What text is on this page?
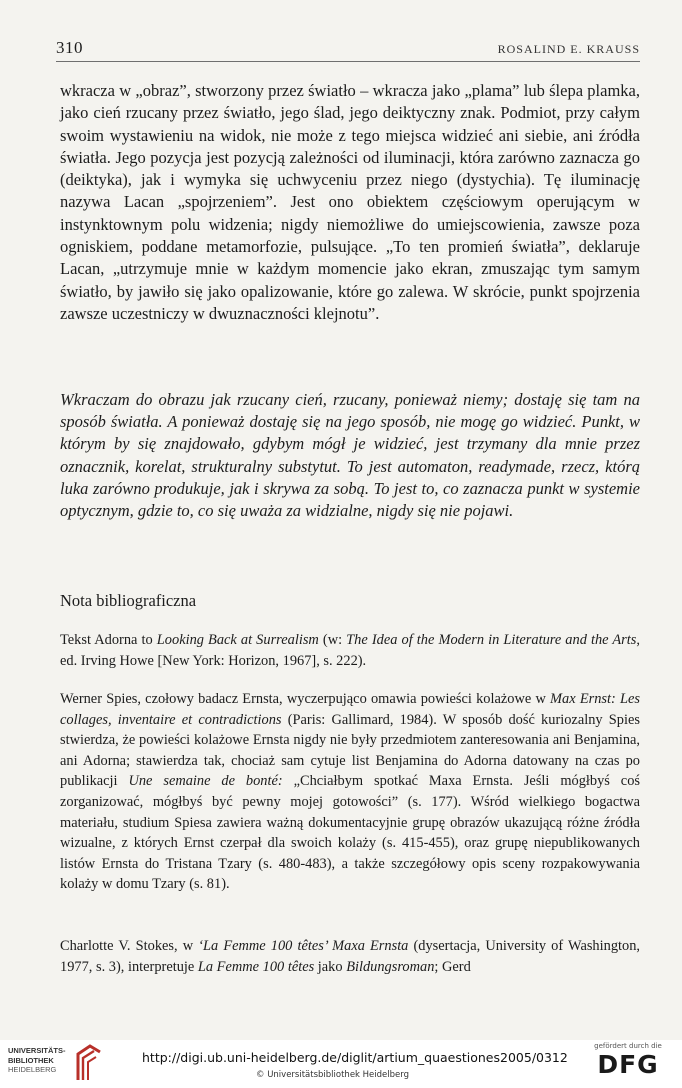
310	ROSALIND E. KRAUSS

wkracza w „obraz”, stworzony przez światło – wkracza jako „plama” lub ślepa plamka, jako cień rzucany przez światło, jego ślad, jego deiktyczny znak. Podmiot, przy całym swoim wystawieniu na widok, nie może z tego miejsca widzieć ani siebie, ani źródła światła. Jego pozycja jest pozycją zależności od iluminacji, która zarówno zaznacza go (deiktyka), jak i wymyka się uchwyceniu przez niego (dystychia). Tę iluminację nazywa Lacan „spojrzeniem”. Jest ono obiektem częściowym operującym w instynktownym polu widzenia; nigdy niemożliwe do umiejscowienia, zawsze poza ogniskiem, poddane metamorfozie, pulsujące. „To ten promień światła”, deklaruje Lacan, „utrzymuje mnie w każdym momencie jako ekran, zmuszając tym samym światło, by jawiło się jako opalizowanie, które go zalewa. W skrócie, punkt spojrzenia zawsze uczestniczy w dwuznaczności klejnotu”.

Wkraczam do obrazu jak rzucany cień, rzucany, ponieważ niemy; dostaję się tam na sposób światła. A ponieważ dostaję się na jego sposób, nie mogę go widzieć. Punkt, w którym by się znajdowało, gdybym mógł je widzieć, jest trzymany dla mnie przez oznacznik, korelat, strukturalny substytut. To jest automaton, readymade, rzecz, którą luka zarówno produkuje, jak i skrywa za sobą. To jest to, co zaznacza punkt w systemie optycznym, gdzie to, co się uważa za widzialne, nigdy się nie pojawi.

Nota bibliograficzna

Tekst Adorna to Looking Back at Surrealism (w: The Idea of the Modern in Literature and the Arts, ed. Irving Howe [New York: Horizon, 1967], s. 222).

Werner Spies, czołowy badacz Ernsta, wyczerpująco omawia powieści kolażowe w Max Ernst: Les collages, inventaire et contradictions (Paris: Gallimard, 1984). W sposób dość kuriozalny Spies stwierdza, że powieści kolażowe Ernsta nigdy nie były przedmiotem zanteresowania ani Benjamina, ani Adorna; stawierdza tak, chociaż sam cytuje list Benjamina do Adorna datowany na czas po publikacji Une semaine de bonté: „Chciałbym spotkać Maxa Ernsta. Jeśli mógłbyś coś zorganizować, mógłbyś być pewny mojej gotowości” (s. 177). Wśród wielkiego bogactwa materiału, studium Spiesa zawiera ważną dokumentacyjnie grupę obrazów ukazującą różne źródła wizualne, z których Ernst czerpał dla swoich kolaży (s. 415-455), oraz grupę niepublikowanych listów Ernsta do Tristana Tzary (s. 480-483), a także szczegółowy opis sceny rozpakowywania kolaży w domu Tzary (s. 81).

Charlotte V. Stokes, w ‘La Femme 100 têtes’ Maxa Ernsta (dysertacja, University of Washington, 1977, s. 3), interpretuje La Femme 100 têtes jako Bildungsroman; Gerd

UNIVERSITÄTS-
BIBLIOTHEK
HEIDELBERG
http://digi.ub.uni-heidelberg.de/diglit/artium_quaestiones2005/0312
© Universitätsbibliothek Heidelberg
gefördert durch die
DFG
